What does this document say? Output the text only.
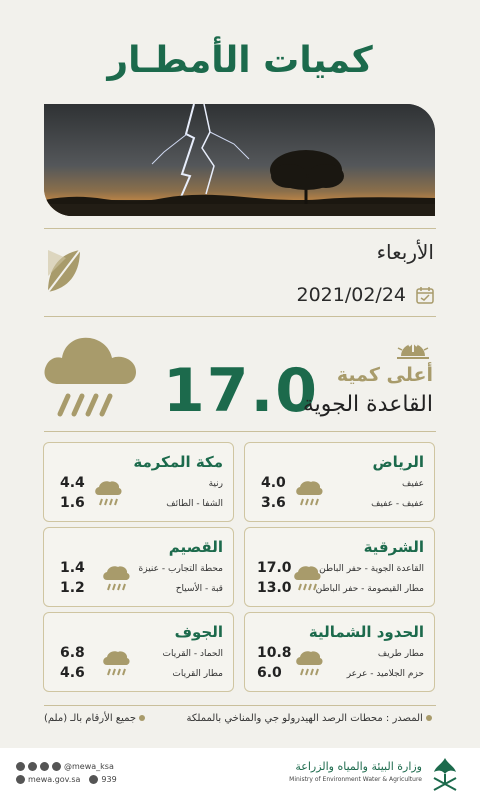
كميات الأمطـار
الأربعاء
2021/02/24
أعلى كمية
17.0
القاعدة الجوية
الرياض
عفيف
عفيف - عفيف
4.0
3.6
مكة المكرمة
رنية
الشفا - الطائف
4.4
1.6
الشرقية
القاعدة الجوية - حفر الباطن
مطار القيصومة - حفر الباطن
17.0
13.0
القصيم
محطة التجارب - عنيزة
قبة - الأسياح
1.4
1.2
الحدود الشمالية
مطار طريف
حزم الجلاميد - عرعر
10.8
6.0
الجوف
الحماد - القريات
مطار القريات
6.8
4.6
المصدر : محطات الرصد الهيدرولو جي والمناخي بالمملكة
جميع الأرقام بالـ (ملم)
@mewa_ksa
mewa.gov.sa	939
وزارة البيئة والمياه والزراعة
Ministry of Environment Water & Agriculture
